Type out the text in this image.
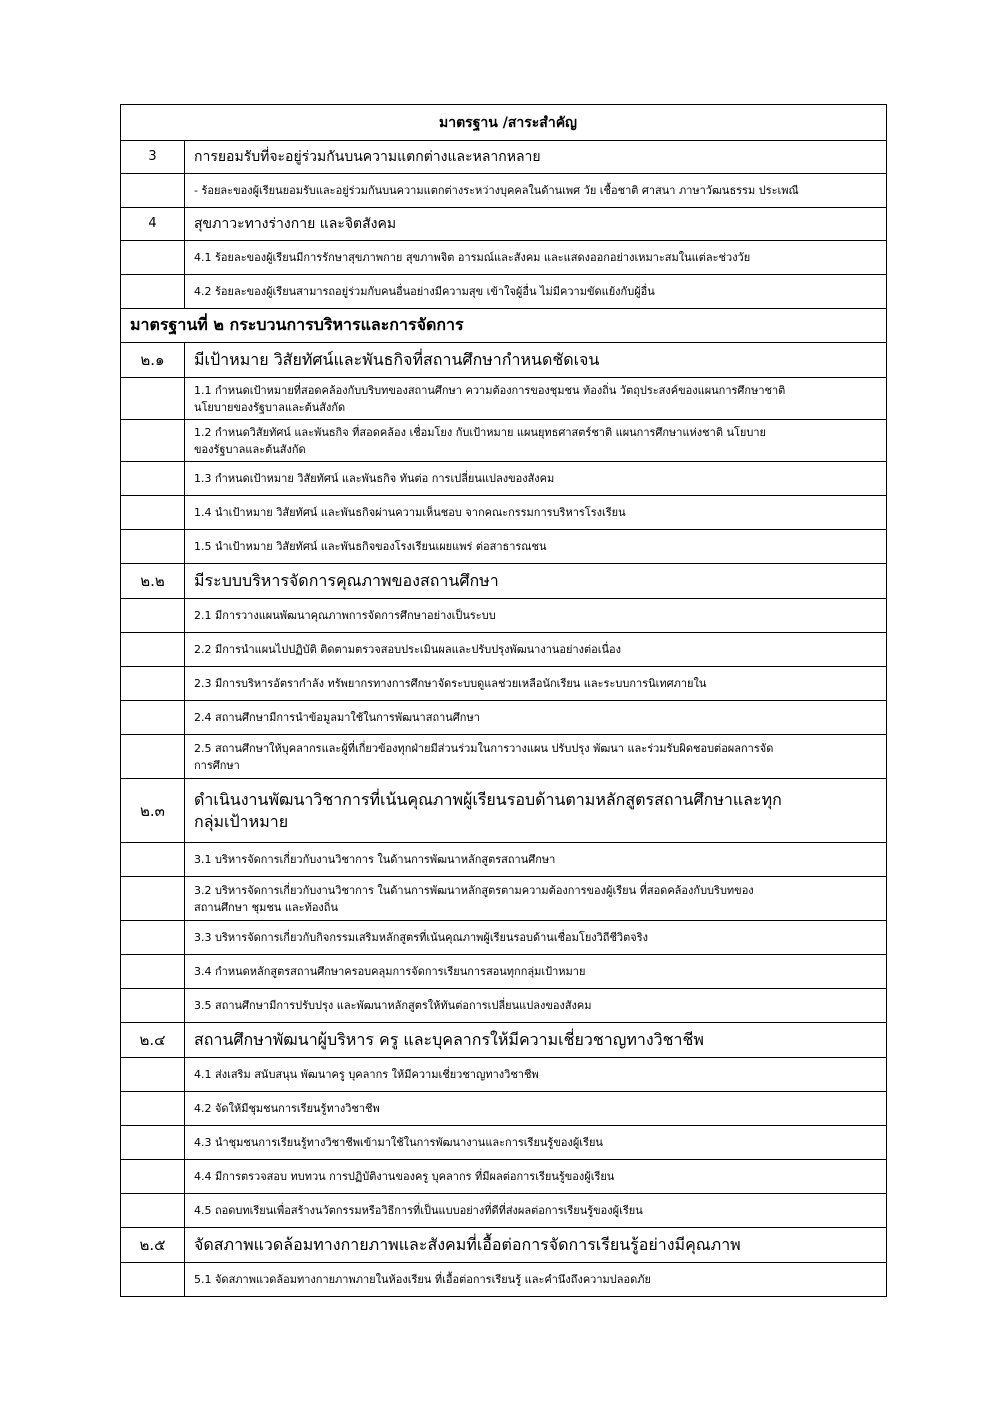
มาตรฐาน /สาระสำคัญ	
3	การยอมรับที่จะอยู่ร่วมกันบนความแตกต่างและหลากหลาย
	- ร้อยละของผู้เรียนยอมรับและอยู่ร่วมกันบนความแตกต่างระหว่างบุคคลในด้านเพศ วัย เชื้อชาติ ศาสนา ภาษาวัฒนธรรม ประเพณี
4	สุขภาวะทางร่างกาย และจิตสังคม
	4.1 ร้อยละของผู้เรียนมีการรักษาสุขภาพกาย สุขภาพจิต อารมณ์และสังคม และแสดงออกอย่างเหมาะสมในแต่ละช่วงวัย
	4.2 ร้อยละของผู้เรียนสามารถอยู่ร่วมกับคนอื่นอย่างมีความสุข เข้าใจผู้อื่น ไม่มีความขัดแย้งกับผู้อื่น
มาตรฐานที่ ๒ กระบวนการบริหารและการจัดการ	
๒.๑	มีเป้าหมาย วิสัยทัศน์และพันธกิจที่สถานศึกษากำหนดชัดเจน

	1.1 กำหนดเป้าหมายที่สอดคล้องกับบริบทของสถานศึกษา ความต้องการของชุมชน ท้องถิ่น วัตถุประสงค์ของแผนการศึกษาชาติ
นโยบายของรัฐบาลและต้นสังกัด

	1.2 กำหนดวิสัยทัศน์ และพันธกิจ ที่สอดคล้อง เชื่อมโยง กับเป้าหมาย แผนยุทธศาสตร์ชาติ แผนการศึกษาแห่งชาติ นโยบาย
ของรัฐบาลและต้นสังกัด

	1.3 กำหนดเป้าหมาย วิสัยทัศน์ และพันธกิจ ทันต่อ การเปลี่ยนแปลงของสังคม
	1.4 นำเป้าหมาย วิสัยทัศน์ และพันธกิจผ่านความเห็นชอบ จากคณะกรรมการบริหารโรงเรียน
	1.5 นำเป้าหมาย วิสัยทัศน์ และพันธกิจของโรงเรียนเผยแพร่ ต่อสาธารณชน
๒.๒	มีระบบบริหารจัดการคุณภาพของสถานศึกษา
	2.1 มีการวางแผนพัฒนาคุณภาพการจัดการศึกษาอย่างเป็นระบบ
	2.2 มีการนำแผนไปปฏิบัติ ติดตามตรวจสอบประเมินผลและปรับปรุงพัฒนางานอย่างต่อเนื่อง
	2.3 มีการบริหารอัตรากำลัง ทรัพยากรทางการศึกษาจัดระบบดูแลช่วยเหลือนักเรียน และระบบการนิเทศภายใน
	2.4 สถานศึกษามีการนำข้อมูลมาใช้ในการพัฒนาสถานศึกษา

	2.5 สถานศึกษาให้บุคลากรและผู้ที่เกี่ยวข้องทุกฝ่ายมีส่วนร่วมในการวางแผน ปรับปรุง พัฒนา และร่วมรับผิดชอบต่อผลการจัด
การศึกษา

๒.๓	ดำเนินงานพัฒนาวิชาการที่เน้นคุณภาพผู้เรียนรอบด้านตามหลักสูตรสถานศึกษาและทุก
กลุ่มเป้าหมาย

	3.1 บริหารจัดการเกี่ยวกับงานวิชาการ ในด้านการพัฒนาหลักสูตรสถานศึกษา

	3.2 บริหารจัดการเกี่ยวกับงานวิชาการ ในด้านการพัฒนาหลักสูตรตามความต้องการของผู้เรียน ที่สอดคล้องกับบริบทของ
สถานศึกษา ชุมชน และท้องถิ่น

	3.3 บริหารจัดการเกี่ยวกับกิจกรรมเสริมหลักสูตรที่เน้นคุณภาพผู้เรียนรอบด้านเชื่อมโยงวิถีชีวิตจริง
	3.4 กำหนดหลักสูตรสถานศึกษาครอบคลุมการจัดการเรียนการสอนทุกกลุ่มเป้าหมาย
	3.5 สถานศึกษามีการปรับปรุง และพัฒนาหลักสูตรให้ทันต่อการเปลี่ยนแปลงของสังคม
๒.๔	สถานศึกษาพัฒนาผู้บริหาร ครู และบุคลากรให้มีความเชี่ยวชาญทางวิชาชีพ
	4.1 ส่งเสริม สนับสนุน พัฒนาครู บุคลากร ให้มีความเชี่ยวชาญทางวิชาชีพ
	4.2 จัดให้มีชุมชนการเรียนรู้ทางวิชาชีพ
	4.3 นำชุมชนการเรียนรู้ทางวิชาชีพเข้ามาใช้ในการพัฒนางานและการเรียนรู้ของผู้เรียน
	4.4 มีการตรวจสอบ ทบทวน การปฏิบัติงานของครู บุคลากร ที่มีผลต่อการเรียนรู้ของผู้เรียน
	4.5 ถอดบทเรียนเพื่อสร้างนวัตกรรมหรือวิธีการที่เป็นแบบอย่างที่ดีที่ส่งผลต่อการเรียนรู้ของผู้เรียน
๒.๕	จัดสภาพแวดล้อมทางกายภาพและสังคมที่เอื้อต่อการจัดการเรียนรู้อย่างมีคุณภาพ
	5.1 จัดสภาพแวดล้อมทางกายภาพภายในห้องเรียน ที่เอื้อต่อการเรียนรู้ และคำนึงถึงความปลอดภัย
